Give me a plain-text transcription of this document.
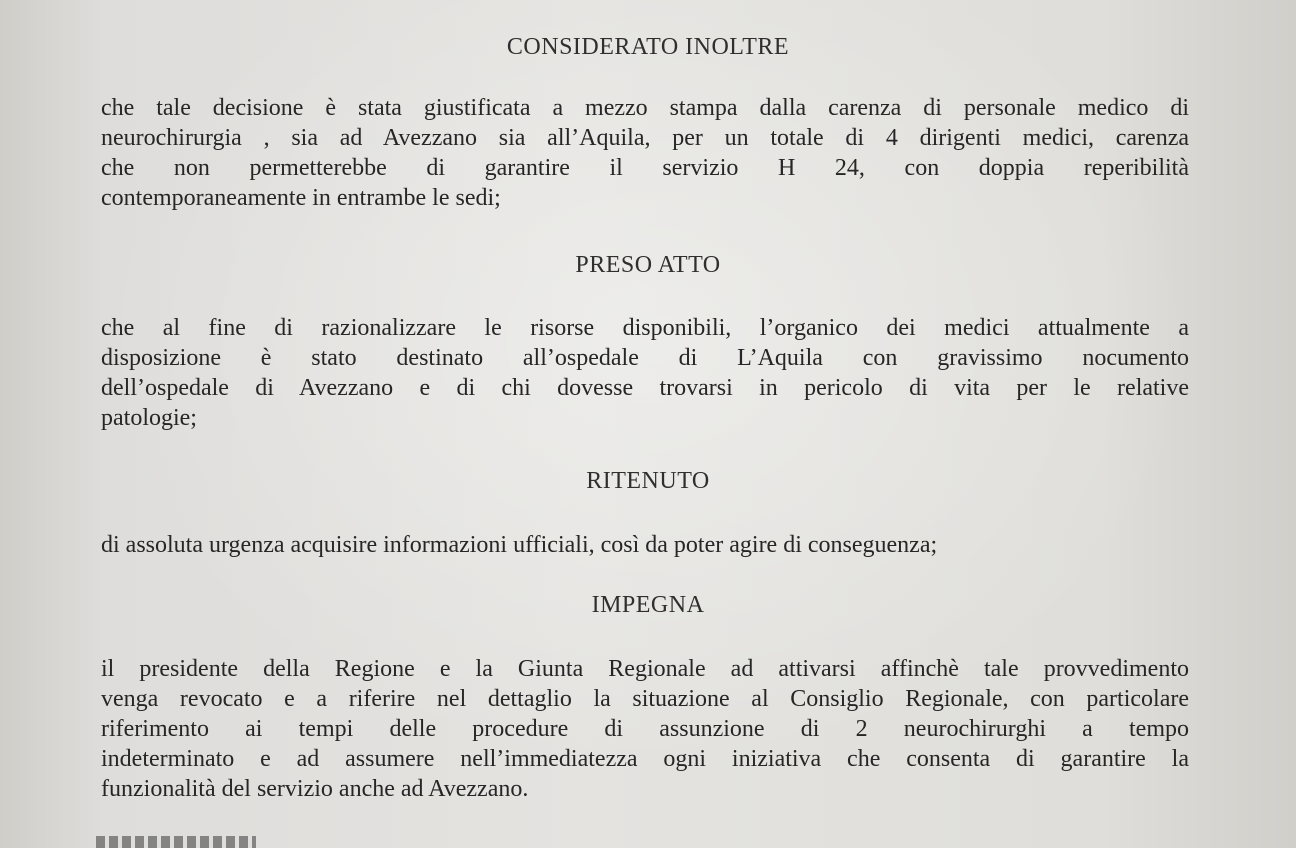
CONSIDERATO INOLTRE
che tale decisione è stata giustificata a mezzo stampa dalla carenza di personale medico di
neurochirurgia , sia ad Avezzano sia all’Aquila, per un totale di 4 dirigenti medici, carenza
che non permetterebbe di garantire il servizio H 24, con doppia reperibilità
contemporaneamente in entrambe le sedi;
PRESO ATTO
che al fine di razionalizzare le risorse disponibili, l’organico dei medici attualmente a
disposizione è stato destinato all’ospedale di L’Aquila con gravissimo nocumento
dell’ospedale di Avezzano e di chi dovesse trovarsi in pericolo di vita per le relative
patologie;
RITENUTO
di assoluta urgenza acquisire informazioni ufficiali, così da poter agire di conseguenza;
IMPEGNA
il presidente della Regione e la Giunta Regionale ad attivarsi affinchè tale provvedimento
venga revocato e a riferire nel dettaglio la situazione al Consiglio Regionale, con particolare
riferimento ai tempi delle procedure di assunzione di 2 neurochirurghi a tempo
indeterminato e ad assumere nell’immediatezza ogni iniziativa che consenta di garantire la
funzionalità del servizio anche ad Avezzano.
